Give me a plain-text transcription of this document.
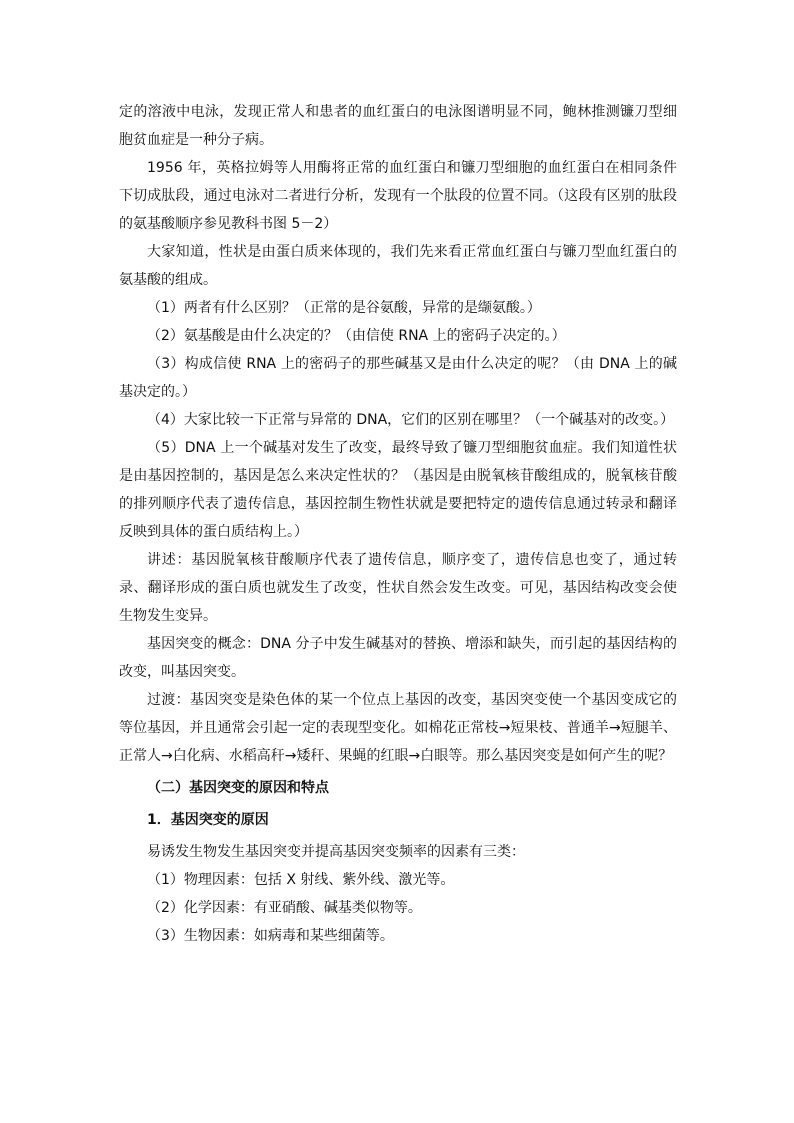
定的溶液中电泳，发现正常人和患者的血红蛋白的电泳图谱明显不同，鲍林推测镰刀型细胞贫血症是一种分子病。

1956 年，英格拉姆等人用酶将正常的血红蛋白和镰刀型细胞的血红蛋白在相同条件下切成肽段，通过电泳对二者进行分析，发现有一个肽段的位置不同。（这段有区别的肽段的氨基酸顺序参见教科书图 5－2）

大家知道，性状是由蛋白质来体现的，我们先来看正常血红蛋白与镰刀型血红蛋白的氨基酸的组成。

（1）两者有什么区别？（正常的是谷氨酸，异常的是缬氨酸。）

（2）氨基酸是由什么决定的？（由信使 RNA 上的密码子决定的。）

（3）构成信使 RNA 上的密码子的那些碱基又是由什么决定的呢？（由 DNA 上的碱基决定的。）

（4）大家比较一下正常与异常的 DNA，它们的区别在哪里？（一个碱基对的改变。）

（5）DNA 上一个碱基对发生了改变，最终导致了镰刀型细胞贫血症。我们知道性状是由基因控制的，基因是怎么来决定性状的？（基因是由脱氧核苷酸组成的，脱氧核苷酸的排列顺序代表了遗传信息，基因控制生物性状就是要把特定的遗传信息通过转录和翻译反映到具体的蛋白质结构上。）

讲述：基因脱氧核苷酸顺序代表了遗传信息，顺序变了，遗传信息也变了，通过转录、翻译形成的蛋白质也就发生了改变，性状自然会发生改变。可见，基因结构改变会使生物发生变异。

基因突变的概念：DNA 分子中发生碱基对的替换、增添和缺失，而引起的基因结构的改变，叫基因突变。

过渡：基因突变是染色体的某一个位点上基因的改变，基因突变使一个基因变成它的等位基因，并且通常会引起一定的表现型变化。如棉花正常枝→短果枝、普通羊→短腿羊、正常人→白化病、水稻高秆→矮秆、果蝇的红眼→白眼等。那么基因突变是如何产生的呢？

（二）基因突变的原因和特点

1．基因突变的原因

易诱发生物发生基因突变并提高基因突变频率的因素有三类：

（1）物理因素：包括 X 射线、紫外线、激光等。

（2）化学因素：有亚硝酸、碱基类似物等。

（3）生物因素：如病毒和某些细菌等。
